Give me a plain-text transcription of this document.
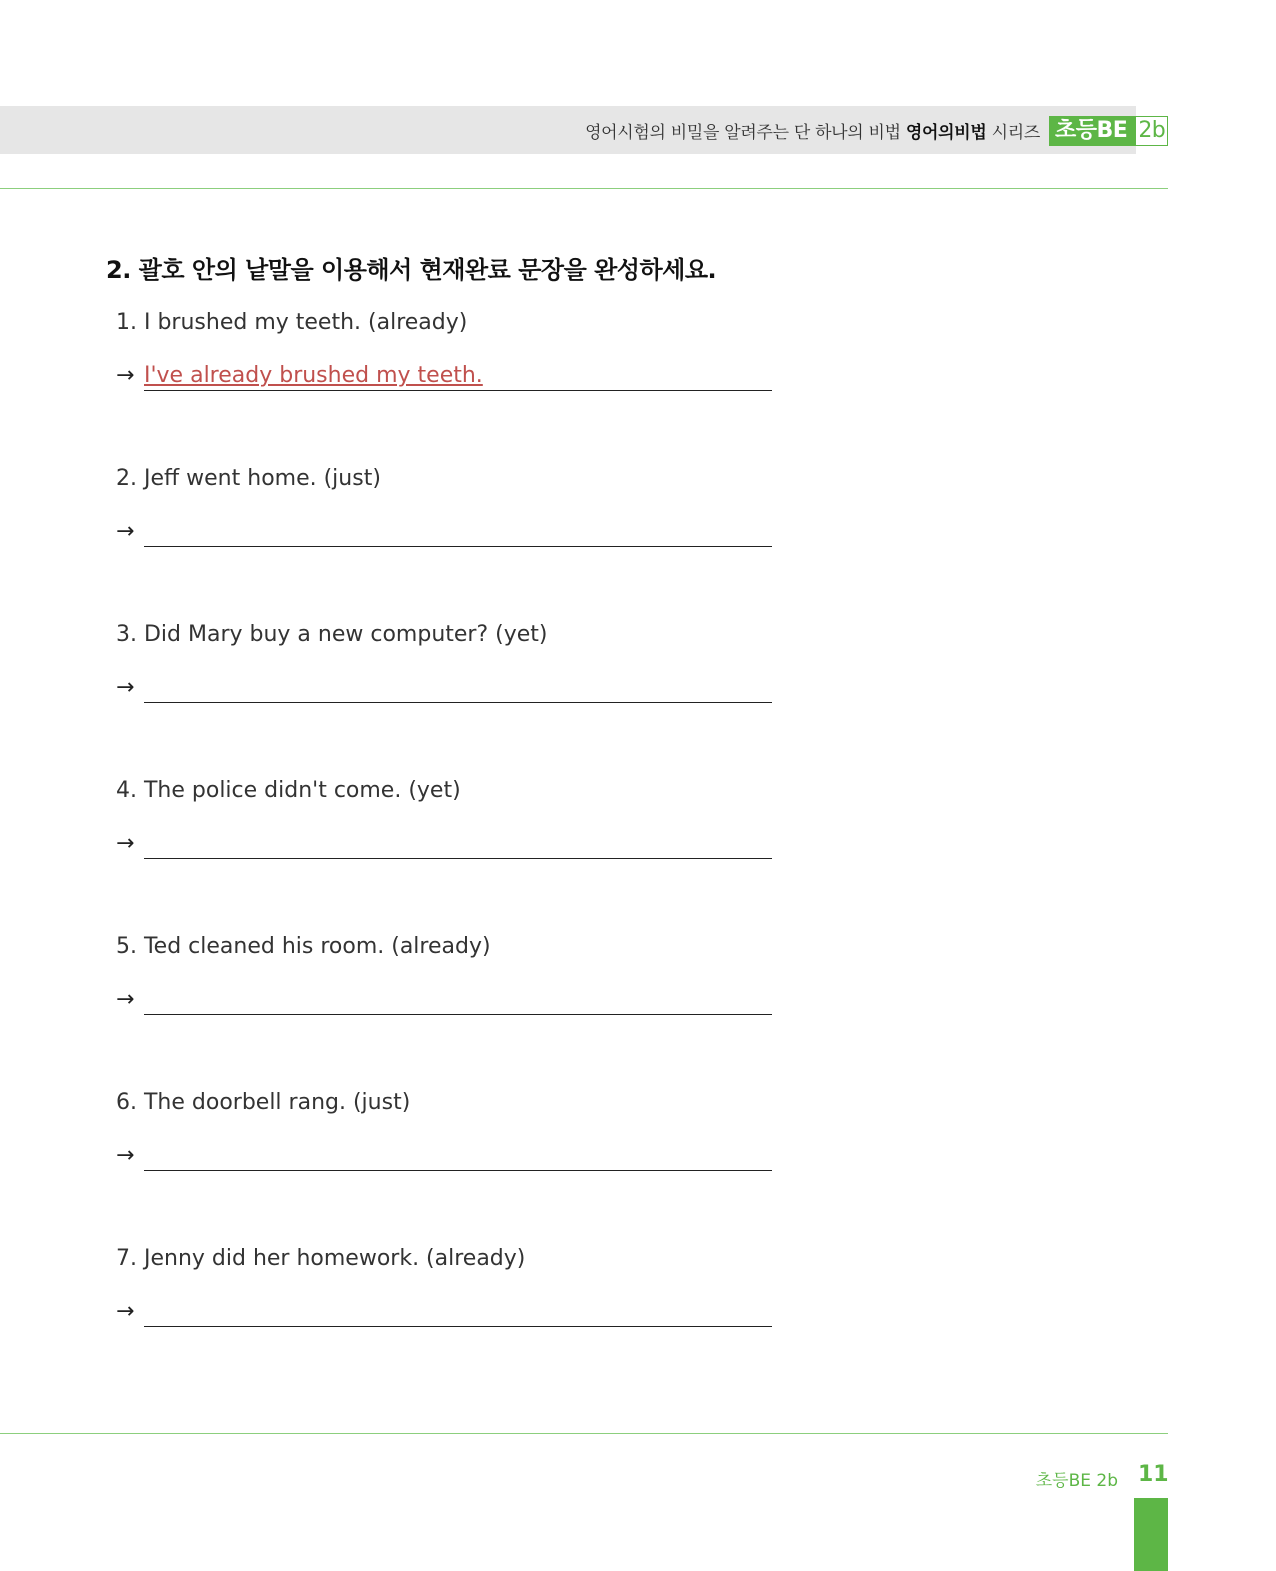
영어시험의 비밀을 알려주는 단 하나의 비법 영어의비법 시리즈 초등BE 2b
2. 괄호 안의 낱말을 이용해서 현재완료 문장을 완성하세요.
1. I brushed my teeth. (already)
→ I've already brushed my teeth.
2. Jeff went home. (just)
→
3. Did Mary buy a new computer? (yet)
→
4. The police didn't come. (yet)
→
5. Ted cleaned his room. (already)
→
6. The doorbell rang. (just)
→
7. Jenny did her homework. (already)
→
초등BE 2b 11
